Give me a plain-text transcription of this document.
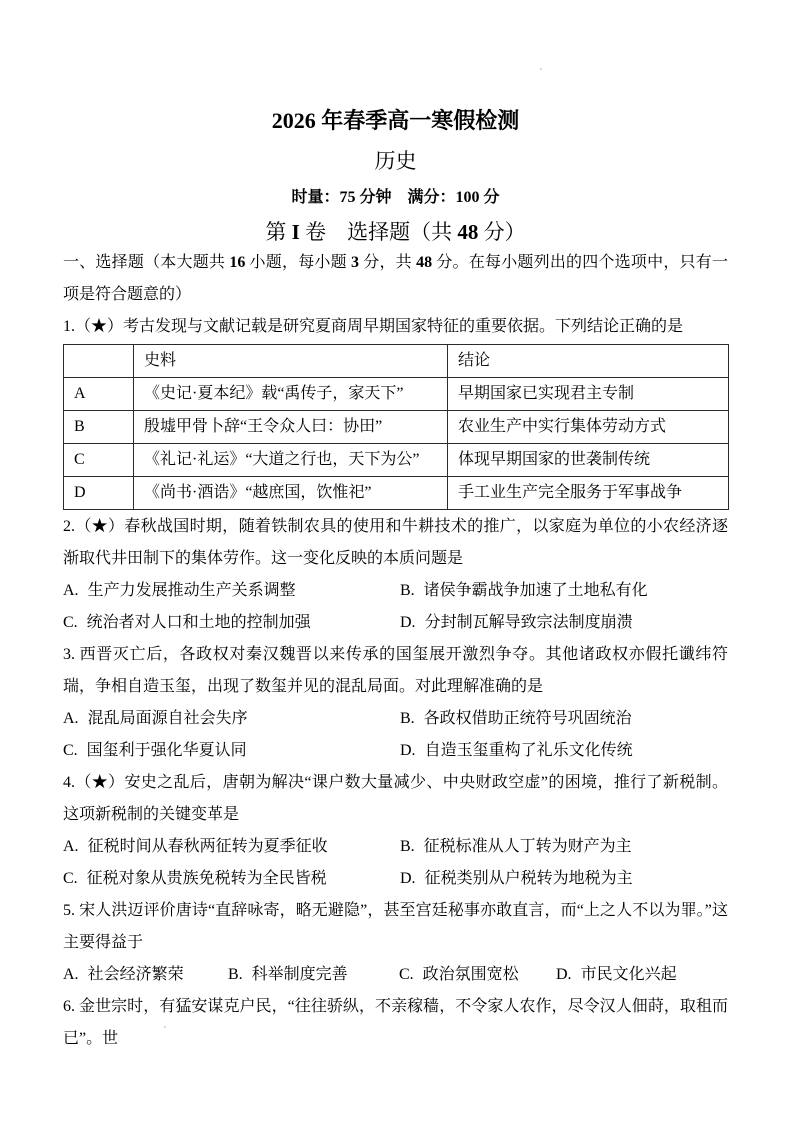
2026 年春季高一寒假检测
历史
时量：75 分钟　满分：100 分
第 I 卷　选择题（共 48 分）

一、选择题（本大题共 16 小题，每小题 3 分，共 48 分。在每小题列出的四个选项中，只有一项是符合题意的）

1.（★）考古发现与文献记载是研究夏商周早期国家特征的重要依据。下列结论正确的是

	史料	结论
A	《史记·夏本纪》载“禹传子，家天下”	早期国家已实现君主专制
B	殷墟甲骨卜辞“王令众人曰：协田”	农业生产中实行集体劳动方式
C	《礼记·礼运》“大道之行也，天下为公”	体现早期国家的世袭制传统
D	《尚书·酒诰》“越庶国，饮惟祀”	手工业生产完全服务于军事战争

2.（★）春秋战国时期，随着铁制农具的使用和牛耕技术的推广，以家庭为单位的小农经济逐渐取代井田制下的集体劳作。这一变化反映的本质问题是

A. 生产力发展推动生产关系调整	B. 诸侯争霸战争加速了土地私有化
C. 统治者对人口和土地的控制加强	D. 分封制瓦解导致宗法制度崩溃

3. 西晋灭亡后，各政权对秦汉魏晋以来传承的国玺展开激烈争夺。其他诸政权亦假托谶纬符瑞，争相自造玉玺，出现了数玺并见的混乱局面。对此理解准确的是

A. 混乱局面源自社会失序	B. 各政权借助正统符号巩固统治
C. 国玺利于强化华夏认同	D. 自造玉玺重构了礼乐文化传统

4.（★）安史之乱后，唐朝为解决“课户数大量减少、中央财政空虚”的困境，推行了新税制。这项新税制的关键变革是

A. 征税时间从春秋两征转为夏季征收	B. 征税标准从人丁转为财产为主
C. 征税对象从贵族免税转为全民皆税	D. 征税类别从户税转为地税为主

5. 宋人洪迈评价唐诗“直辞咏寄，略无避隐”，甚至宫廷秘事亦敢直言，而“上之人不以为罪。”这主要得益于

A. 社会经济繁荣	B. 科举制度完善	C. 政治氛围宽松	D. 市民文化兴起

6. 金世宗时，有猛安谋克户民，“往往骄纵，不亲稼穑，不令家人农作，尽令汉人佃莳，取租而已”。世
